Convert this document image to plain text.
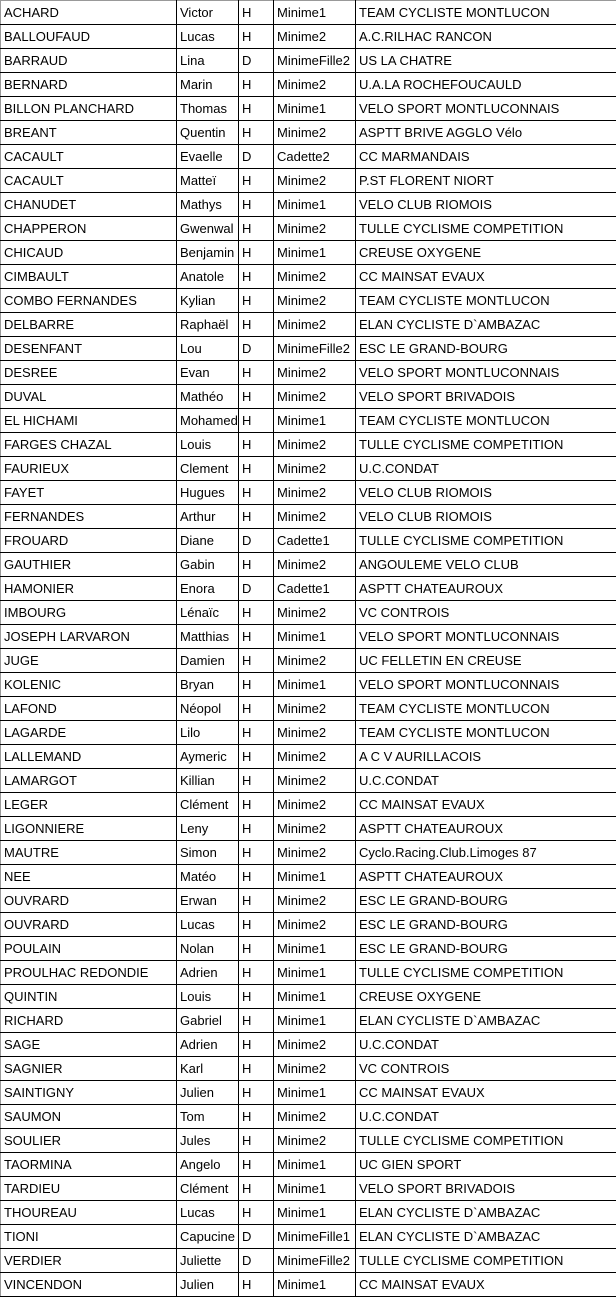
ACHARD	Victor	H	Minime1	TEAM CYCLISTE MONTLUCON
BALLOUFAUD	Lucas	H	Minime2	A.C.RILHAC RANCON
BARRAUD	Lina	D	MinimeFille2	US LA CHATRE
BERNARD	Marin	H	Minime2	U.A.LA ROCHEFOUCAULD
BILLON PLANCHARD	Thomas	H	Minime1	VELO SPORT MONTLUCONNAIS
BREANT	Quentin	H	Minime2	ASPTT BRIVE AGGLO Vélo
CACAULT	Evaelle	D	Cadette2	CC MARMANDAIS
CACAULT	Matteï	H	Minime2	P.ST FLORENT NIORT
CHANUDET	Mathys	H	Minime1	VELO CLUB RIOMOIS
CHAPPERON	Gwenwal	H	Minime2	TULLE CYCLISME COMPETITION
CHICAUD	Benjamin	H	Minime1	CREUSE OXYGENE
CIMBAULT	Anatole	H	Minime2	CC MAINSAT EVAUX
COMBO FERNANDES	Kylian	H	Minime2	TEAM CYCLISTE MONTLUCON
DELBARRE	Raphaël	H	Minime2	ELAN CYCLISTE D`AMBAZAC
DESENFANT	Lou	D	MinimeFille2	ESC LE GRAND-BOURG
DESREE	Evan	H	Minime2	VELO SPORT MONTLUCONNAIS
DUVAL	Mathéo	H	Minime2	VELO SPORT BRIVADOIS
EL HICHAMI	Mohamed	H	Minime1	TEAM CYCLISTE MONTLUCON
FARGES CHAZAL	Louis	H	Minime2	TULLE CYCLISME COMPETITION
FAURIEUX	Clement	H	Minime2	U.C.CONDAT
FAYET	Hugues	H	Minime2	VELO CLUB RIOMOIS
FERNANDES	Arthur	H	Minime2	VELO CLUB RIOMOIS
FROUARD	Diane	D	Cadette1	TULLE CYCLISME COMPETITION
GAUTHIER	Gabin	H	Minime2	ANGOULEME VELO CLUB
HAMONIER	Enora	D	Cadette1	ASPTT CHATEAUROUX
IMBOURG	Lénaïc	H	Minime2	VC CONTROIS
JOSEPH LARVARON	Matthias	H	Minime1	VELO SPORT MONTLUCONNAIS
JUGE	Damien	H	Minime2	UC FELLETIN EN CREUSE
KOLENIC	Bryan	H	Minime1	VELO SPORT MONTLUCONNAIS
LAFOND	Néopol	H	Minime2	TEAM CYCLISTE MONTLUCON
LAGARDE	Lilo	H	Minime2	TEAM CYCLISTE MONTLUCON
LALLEMAND	Aymeric	H	Minime2	A C V AURILLACOIS
LAMARGOT	Killian	H	Minime2	U.C.CONDAT
LEGER	Clément	H	Minime2	CC MAINSAT EVAUX
LIGONNIERE	Leny	H	Minime2	ASPTT CHATEAUROUX
MAUTRE	Simon	H	Minime2	Cyclo.Racing.Club.Limoges 87
NEE	Matéo	H	Minime1	ASPTT CHATEAUROUX
OUVRARD	Erwan	H	Minime2	ESC LE GRAND-BOURG
OUVRARD	Lucas	H	Minime2	ESC LE GRAND-BOURG
POULAIN	Nolan	H	Minime1	ESC LE GRAND-BOURG
PROULHAC REDONDIE	Adrien	H	Minime1	TULLE CYCLISME COMPETITION
QUINTIN	Louis	H	Minime1	CREUSE OXYGENE
RICHARD	Gabriel	H	Minime1	ELAN CYCLISTE D`AMBAZAC
SAGE	Adrien	H	Minime2	U.C.CONDAT
SAGNIER	Karl	H	Minime2	VC CONTROIS
SAINTIGNY	Julien	H	Minime1	CC MAINSAT EVAUX
SAUMON	Tom	H	Minime2	U.C.CONDAT
SOULIER	Jules	H	Minime2	TULLE CYCLISME COMPETITION
TAORMINA	Angelo	H	Minime1	UC GIEN SPORT
TARDIEU	Clément	H	Minime1	VELO SPORT BRIVADOIS
THOUREAU	Lucas	H	Minime1	ELAN CYCLISTE D`AMBAZAC
TIONI	Capucine	D	MinimeFille1	ELAN CYCLISTE D`AMBAZAC
VERDIER	Juliette	D	MinimeFille2	TULLE CYCLISME COMPETITION
VINCENDON	Julien	H	Minime1	CC MAINSAT EVAUX
